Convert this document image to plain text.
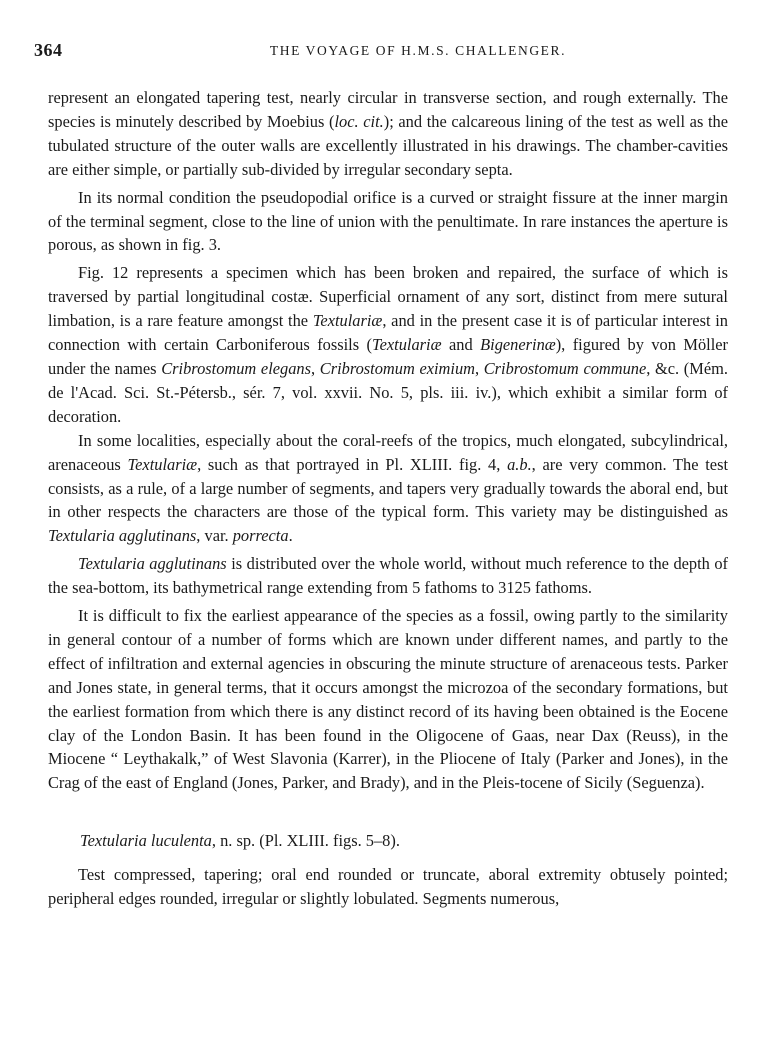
364	THE VOYAGE OF H.M.S. CHALLENGER.

represent an elongated tapering test, nearly circular in transverse section, and rough externally. The species is minutely described by Moebius (loc. cit.); and the calcareous lining of the test as well as the tubulated structure of the outer walls are excellently illustrated in his drawings. The chamber-cavities are either simple, or partially sub-divided by irregular secondary septa.

In its normal condition the pseudopodial orifice is a curved or straight fissure at the inner margin of the terminal segment, close to the line of union with the penultimate. In rare instances the aperture is porous, as shown in fig. 3.

Fig. 12 represents a specimen which has been broken and repaired, the surface of which is traversed by partial longitudinal costæ. Superficial ornament of any sort, distinct from mere sutural limbation, is a rare feature amongst the Textulariæ, and in the present case it is of particular interest in connection with certain Carboniferous fossils (Textulariæ and Bigenerinæ), figured by von Möller under the names Cribrostomum elegans, Cribrostomum eximium, Cribrostomum commune, &c. (Mém. de l'Acad. Sci. St.-Pétersb., sér. 7, vol. xxvii. No. 5, pls. iii. iv.), which exhibit a similar form of decoration.

In some localities, especially about the coral-reefs of the tropics, much elongated, subcylindrical, arenaceous Textulariæ, such as that portrayed in Pl. XLIII. fig. 4, a.b., are very common. The test consists, as a rule, of a large number of segments, and tapers very gradually towards the aboral end, but in other respects the characters are those of the typical form. This variety may be distinguished as Textularia agglutinans, var. porrecta.

Textularia agglutinans is distributed over the whole world, without much reference to the depth of the sea-bottom, its bathymetrical range extending from 5 fathoms to 3125 fathoms.

It is difficult to fix the earliest appearance of the species as a fossil, owing partly to the similarity in general contour of a number of forms which are known under different names, and partly to the effect of infiltration and external agencies in obscuring the minute structure of arenaceous tests. Parker and Jones state, in general terms, that it occurs amongst the microzoa of the secondary formations, but the earliest formation from which there is any distinct record of its having been obtained is the Eocene clay of the London Basin. It has been found in the Oligocene of Gaas, near Dax (Reuss), in the Miocene “ Leythakalk,” of West Slavonia (Karrer), in the Pliocene of Italy (Parker and Jones), in the Crag of the east of England (Jones, Parker, and Brady), and in the Pleis-tocene of Sicily (Seguenza).

Textularia luculenta, n. sp. (Pl. XLIII. figs. 5–8).

Test compressed, tapering; oral end rounded or truncate, aboral extremity obtusely pointed; peripheral edges rounded, irregular or slightly lobulated. Segments numerous,
